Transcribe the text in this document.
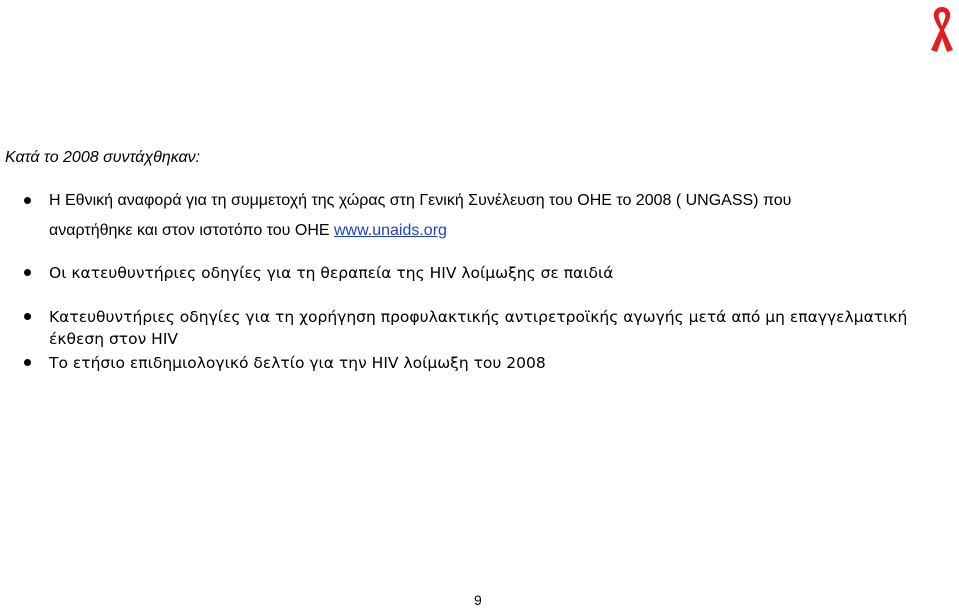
Κατά το 2008 συντάχθηκαν:
Η Εθνική αναφορά για τη συμμετοχή της χώρας στη Γενική Συνέλευση του ΟΗΕ το 2008 ( UNGASS) που
αναρτήθηκε και στον ιστοτόπο του ΟΗΕ www.unaids.org
Οι κατευθυντήριες οδηγίες για τη θεραπεία της HIV λοίμωξης σε παιδιά
Κατευθυντήριες οδηγίες για τη χορήγηση προφυλακτικής αντιρετροϊκής αγωγής μετά από μη επαγγελματική
έκθεση στον HIV
Το ετήσιο επιδημιολογικό δελτίο για την HIV λοίμωξη του 2008
9
